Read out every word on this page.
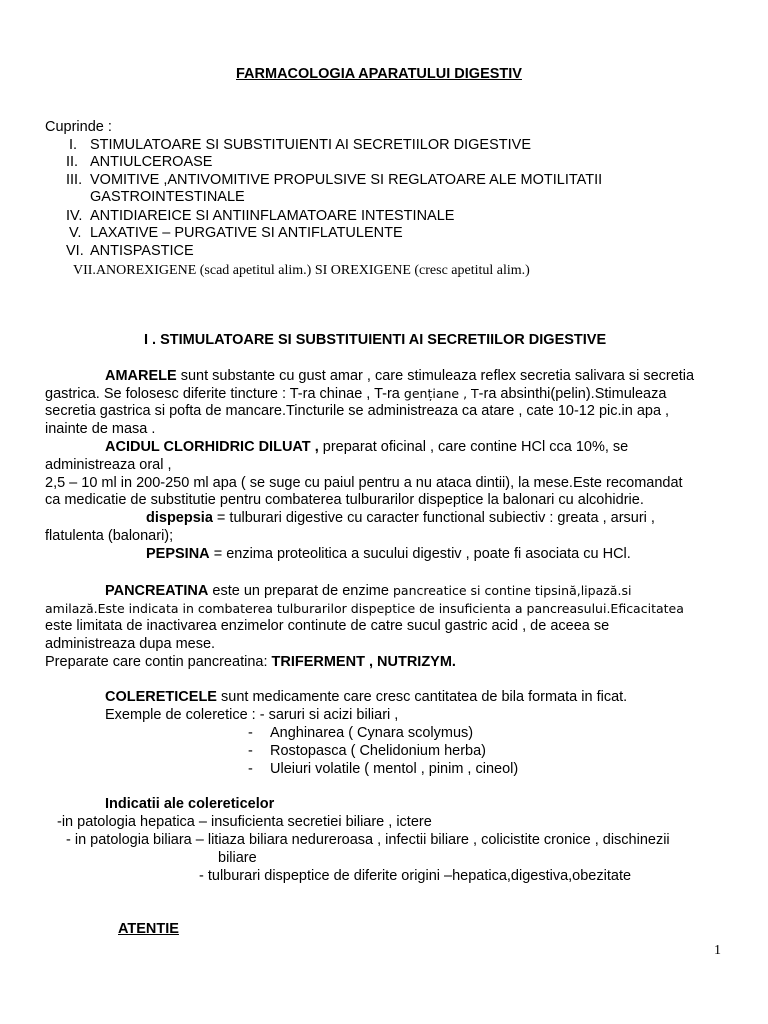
FARMACOLOGIA APARATULUI DIGESTIV
Cuprinde :
I. STIMULATOARE SI SUBSTITUIENTI AI SECRETIILOR DIGESTIVE
II. ANTIULCEROASE
III. VOMITIVE ,ANTIVOMITIVE PROPULSIVE SI REGLATOARE ALE MOTILITATII
GASTROINTESTINALE
IV. ANTIDIAREICE SI ANTIINFLAMATOARE INTESTINALE
V. LAXATIVE – PURGATIVE SI ANTIFLATULENTE
VI. ANTISPASTICE
VII.ANOREXIGENE (scad apetitul alim.) SI OREXIGENE (cresc apetitul alim.)
I . STIMULATOARE SI SUBSTITUIENTI AI SECRETIILOR DIGESTIVE
AMARELE sunt substante cu gust amar , care stimuleaza reflex secretia salivara si secretia
gastrica. Se folosesc diferite tincture : T-ra chinae , T-ra gențiane , T-ra absinthi(pelin).Stimuleaza
secretia gastrica si pofta de mancare.Tincturile se administreaza ca atare , cate 10-12 pic.in apa ,
inainte de masa .
ACIDUL CLORHIDRIC DILUAT , preparat oficinal , care contine HCl cca 10%, se
administreaza oral ,
2,5 – 10 ml in 200-250 ml apa ( se suge cu paiul pentru a nu ataca dintii), la mese.Este recomandat
ca medicatie de substitutie pentru combaterea tulburarilor dispeptice la balonari cu alcohidrie.
dispepsia = tulburari digestive cu caracter functional subiectiv : greata , arsuri ,
flatulenta (balonari);
PEPSINA = enzima proteolitica a sucului digestiv , poate fi asociata cu HCl.
PANCREATINA este un preparat de enzime pancreatice si contine tipsină,lipază.si
amilază.Este indicata in combaterea tulburarilor dispeptice de insuficienta a pancreasului.Eficacitatea
este limitata de inactivarea enzimelor continute de catre sucul gastric acid , de aceea se
administreaza dupa mese.
Preparate care contin pancreatina: TRIFERMENT , NUTRIZYM.
COLERETICELE sunt medicamente care cresc cantitatea de bila formata in ficat.
Exemple de coleretice : - saruri si acizi biliari ,
- Anghinarea ( Cynara scolymus)
- Rostopasca ( Chelidonium herba)
- Uleiuri volatile ( mentol , pinim , cineol)
Indicatii ale colereticelor
-in patologia hepatica – insuficienta secretiei biliare , ictere
- in patologia biliara – litiaza biliara nedureroasa , infectii biliare , colicistite cronice , dischinezii
biliare
- tulburari dispeptice de diferite origini –hepatica,digestiva,obezitate
ATENTIE
1
